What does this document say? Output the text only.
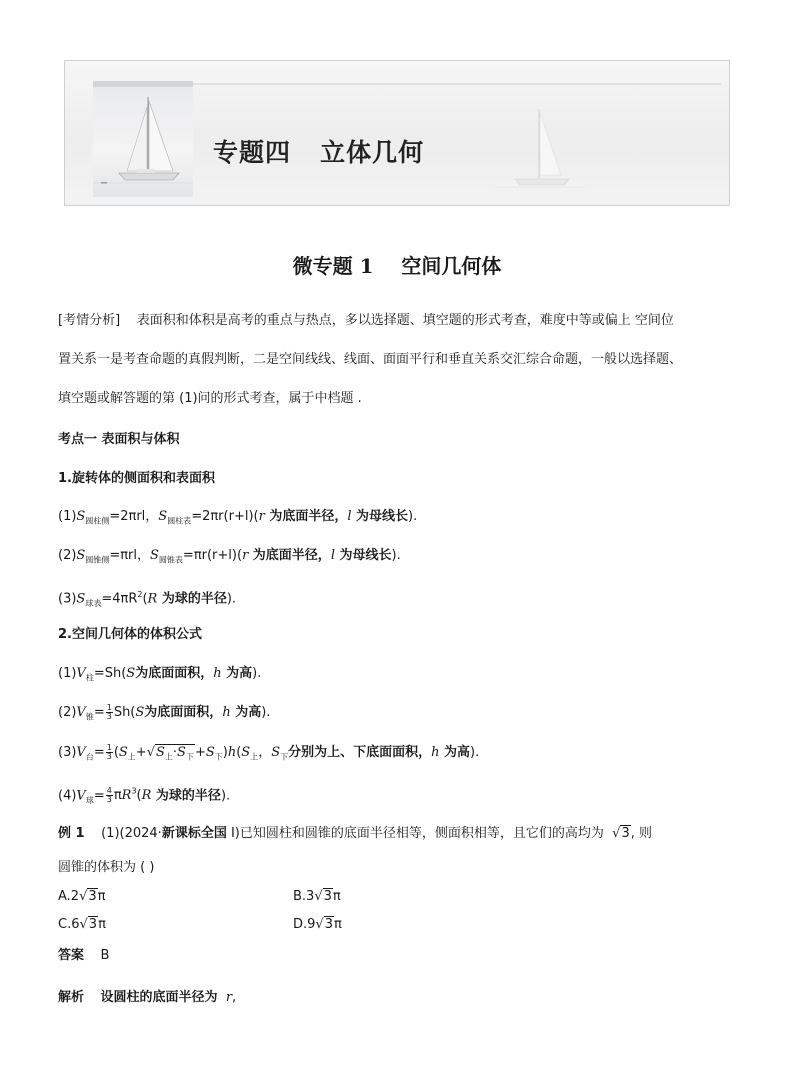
专题四   立体几何
微专题 1    空间几何体
[考情分析] 表面积和体积是高考的重点与热点，多以选择题、填空题的形式考查，难度中等或偏上 空间位
置关系一是考查命题的真假判断，二是空间线线、线面、面面平行和垂直关系交汇综合命题，一般以选择题、
填空题或解答题的第 (1)问的形式考查，属于中档题 .
考点一 表面积与体积
1.旋转体的侧面积和表面积
$(1)S_{圆柱侧}=2\pi rl$，$S_{圆柱表}=2\pi r(r+l)(r$ 为底面半径，l 为母线长).
$(2)S_{圆锥侧}=\pi rl$，$S_{圆锥表}=\pi r(r+l)(r$ 为底面半径，l 为母线长).
$(3)S_{球表}=4\pi R^2(R$ 为球的半径).
2.空间几何体的体积公式
$(1)V_柱=Sh(S$为底面面积，h 为高).
$(2)V_锥= \frac{1}{3} Sh(S$为底面面积，h 为高).
$(3)V_台= \frac{1}{3} (S_上+√S_上\cdot S_下+S_下)h(S_上$，$S_下$分别为上、下底面面积，h 为高).
$(4)V_球= \frac{4}{3} \pi R^3(R$ 为球的半径).
例 1 (1)(2024·新课标全国 Ⅰ)已知圆柱和圆锥的底面半径相等，侧面积相等，且它们的高均为  √3, 则
圆锥的体积为 ( )
A.2√3π	B.3√3π
C.6√3π	D.9√3π
答案 B
解析 设圆柱的底面半径为 r,
